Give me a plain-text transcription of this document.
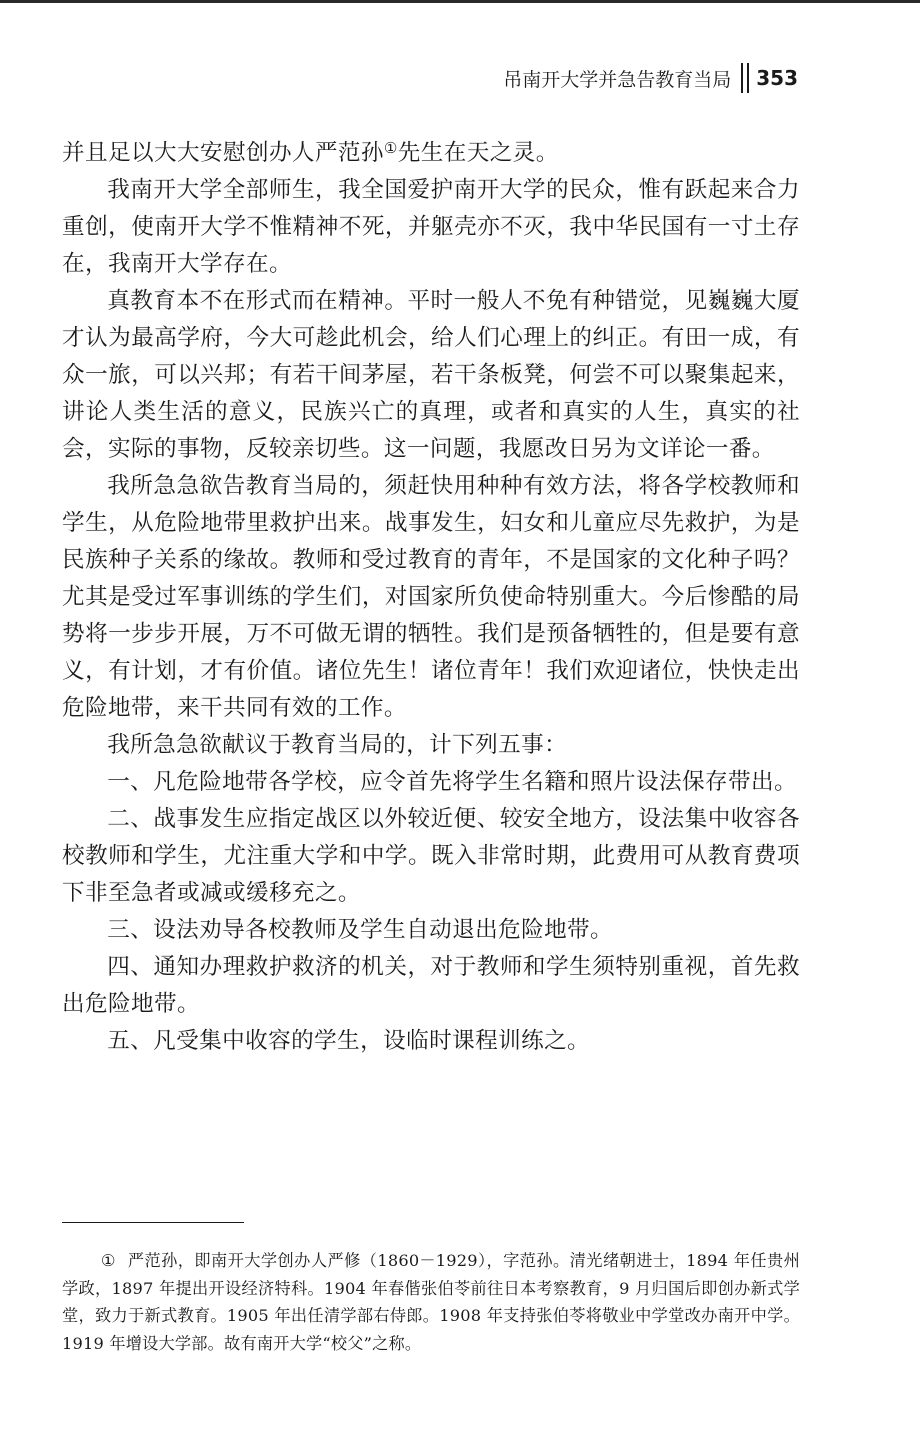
吊南开大学并急告教育当局 353

并且足以大大安慰创办人严范孙①先生在天之灵。

我南开大学全部师生，我全国爱护南开大学的民众，惟有跃起来合力重创，使南开大学不惟精神不死，并躯壳亦不灭，我中华民国有一寸土存在，我南开大学存在。

真教育本不在形式而在精神。平时一般人不免有种错觉，见巍巍大厦才认为最高学府，今大可趁此机会，给人们心理上的纠正。有田一成，有众一旅，可以兴邦；有若干间茅屋，若干条板凳，何尝不可以聚集起来，讲论人类生活的意义，民族兴亡的真理，或者和真实的人生，真实的社会，实际的事物，反较亲切些。这一问题，我愿改日另为文详论一番。

我所急急欲告教育当局的，须赶快用种种有效方法，将各学校教师和学生，从危险地带里救护出来。战事发生，妇女和儿童应尽先救护，为是民族种子关系的缘故。教师和受过教育的青年，不是国家的文化种子吗？尤其是受过军事训练的学生们，对国家所负使命特别重大。今后惨酷的局势将一步步开展，万不可做无谓的牺牲。我们是预备牺牲的，但是要有意义，有计划，才有价值。诸位先生！诸位青年！我们欢迎诸位，快快走出危险地带，来干共同有效的工作。

我所急急欲献议于教育当局的，计下列五事：

一、凡危险地带各学校，应令首先将学生名籍和照片设法保存带出。

二、战事发生应指定战区以外较近便、较安全地方，设法集中收容各校教师和学生，尤注重大学和中学。既入非常时期，此费用可从教育费项下非至急者或减或缓移充之。

三、设法劝导各校教师及学生自动退出危险地带。

四、通知办理救护救济的机关，对于教师和学生须特别重视，首先救出危险地带。

五、凡受集中收容的学生，设临时课程训练之。

① 严范孙，即南开大学创办人严修（1860－1929），字范孙。清光绪朝进士，1894 年任贵州学政，1897 年提出开设经济特科。1904 年春偕张伯苓前往日本考察教育，9 月归国后即创办新式学堂，致力于新式教育。1905 年出任清学部右侍郎。1908 年支持张伯苓将敬业中学堂改办南开中学。1919 年增设大学部。故有南开大学“校父”之称。
